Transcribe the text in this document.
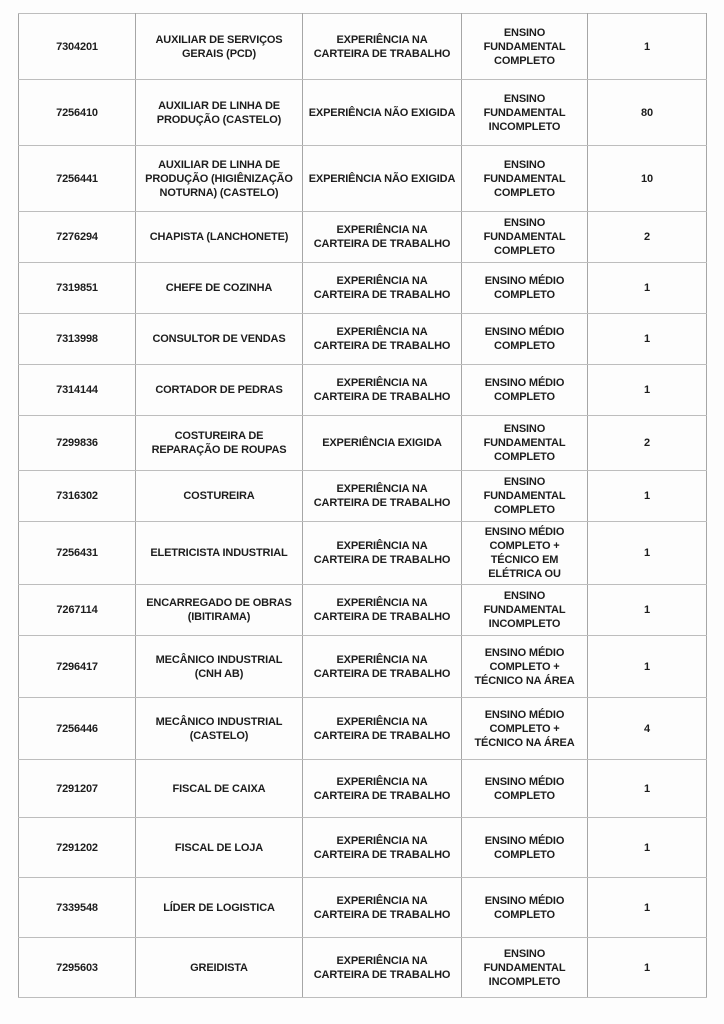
7304201	AUXILIAR DE SERVIÇOS GERAIS (PCD)	EXPERIÊNCIA NA CARTEIRA DE TRABALHO	ENSINO FUNDAMENTAL COMPLETO	1
7256410	AUXILIAR DE LINHA DE PRODUÇÃO (CASTELO)	EXPERIÊNCIA NÃO EXIGIDA	ENSINO FUNDAMENTAL INCOMPLETO	80
7256441	AUXILIAR DE LINHA DE PRODUÇÃO (HIGIÊNIZAÇÃO NOTURNA) (CASTELO)	EXPERIÊNCIA NÃO EXIGIDA	ENSINO FUNDAMENTAL COMPLETO	10
7276294	CHAPISTA (LANCHONETE)	EXPERIÊNCIA NA CARTEIRA DE TRABALHO	ENSINO FUNDAMENTAL COMPLETO	2
7319851	CHEFE DE COZINHA	EXPERIÊNCIA NA CARTEIRA DE TRABALHO	ENSINO MÉDIO COMPLETO	1
7313998	CONSULTOR DE VENDAS	EXPERIÊNCIA NA CARTEIRA DE TRABALHO	ENSINO MÉDIO COMPLETO	1
7314144	CORTADOR DE PEDRAS	EXPERIÊNCIA NA CARTEIRA DE TRABALHO	ENSINO MÉDIO COMPLETO	1
7299836	COSTUREIRA DE REPARAÇÃO DE ROUPAS	EXPERIÊNCIA EXIGIDA	ENSINO FUNDAMENTAL COMPLETO	2
7316302	COSTUREIRA	EXPERIÊNCIA NA CARTEIRA DE TRABALHO	ENSINO FUNDAMENTAL COMPLETO	1
7256431	ELETRICISTA INDUSTRIAL	EXPERIÊNCIA NA CARTEIRA DE TRABALHO	ENSINO MÉDIO COMPLETO + TÉCNICO EM ELÉTRICA OU	1
7267114	ENCARREGADO DE OBRAS (IBITIRAMA)	EXPERIÊNCIA NA CARTEIRA DE TRABALHO	ENSINO FUNDAMENTAL INCOMPLETO	1
7296417	MECÂNICO INDUSTRIAL (CNH AB)	EXPERIÊNCIA NA CARTEIRA DE TRABALHO	ENSINO MÉDIO COMPLETO + TÉCNICO NA ÁREA	1
7256446	MECÂNICO INDUSTRIAL (CASTELO)	EXPERIÊNCIA NA CARTEIRA DE TRABALHO	ENSINO MÉDIO COMPLETO + TÉCNICO NA ÁREA	4
7291207	FISCAL DE CAIXA	EXPERIÊNCIA NA CARTEIRA DE TRABALHO	ENSINO MÉDIO COMPLETO	1
7291202	FISCAL DE LOJA	EXPERIÊNCIA NA CARTEIRA DE TRABALHO	ENSINO MÉDIO COMPLETO	1
7339548	LÍDER DE LOGISTICA	EXPERIÊNCIA NA CARTEIRA DE TRABALHO	ENSINO MÉDIO COMPLETO	1
7295603	GREIDISTA	EXPERIÊNCIA NA CARTEIRA DE TRABALHO	ENSINO FUNDAMENTAL INCOMPLETO	1
